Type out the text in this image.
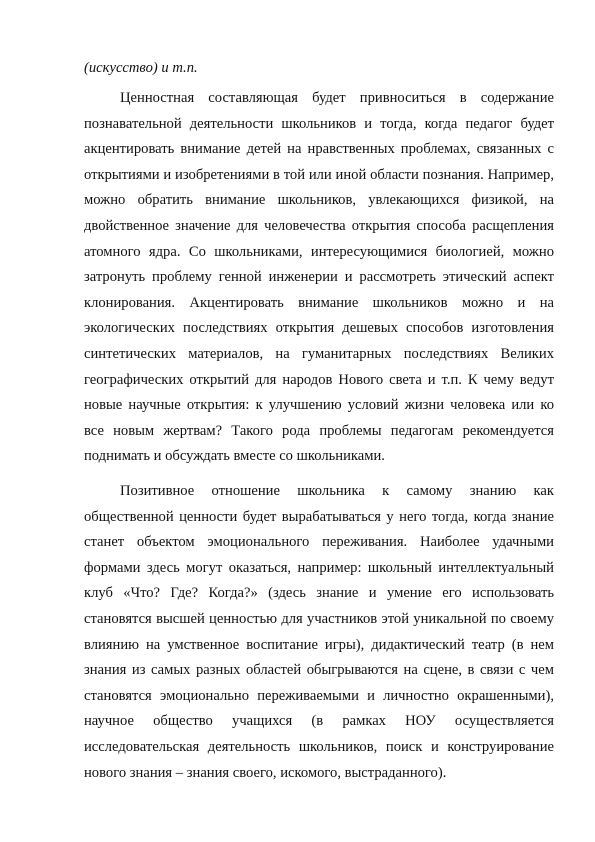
(искусство) и т.п.

Ценностная составляющая будет привноситься в содержание познавательной деятельности школьников и тогда, когда педагог будет акцентировать внимание детей на нравственных проблемах, связанных с открытиями и изобретениями в той или иной области познания. Например, можно обратить внимание школьников, увлекающихся физикой, на двойственное значение для человечества открытия способа расщепления атомного ядра. Со школьниками, интересующимися биологией, можно затронуть проблему генной инженерии и рассмотреть этический аспект клонирования. Акцентировать внимание школьников можно и на экологических последствиях открытия дешевых способов изготовления синтетических материалов, на гуманитарных последствиях Великих географических открытий для народов Нового света и т.п. К чему ведут новые научные открытия: к улучшению условий жизни человека или ко все новым жертвам? Такого рода проблемы педагогам рекомендуется поднимать и обсуждать вместе со школьниками.

Позитивное отношение школьника к самому знанию как общественной ценности будет вырабатываться у него тогда, когда знание станет объектом эмоционального переживания. Наиболее удачными формами здесь могут оказаться, например: школьный интеллектуальный клуб «Что? Где? Когда?» (здесь знание и умение его использовать становятся высшей ценностью для участников этой уникальной по своему влиянию на умственное воспитание игры), дидактический театр (в нем знания из самых разных областей обыгрываются на сцене, в связи с чем становятся эмоционально переживаемыми и личностно окрашенными), научное общество учащихся (в рамках НОУ осуществляется исследовательская деятельность школьников, поиск и конструирование нового знания – знания своего, искомого, выстраданного).
